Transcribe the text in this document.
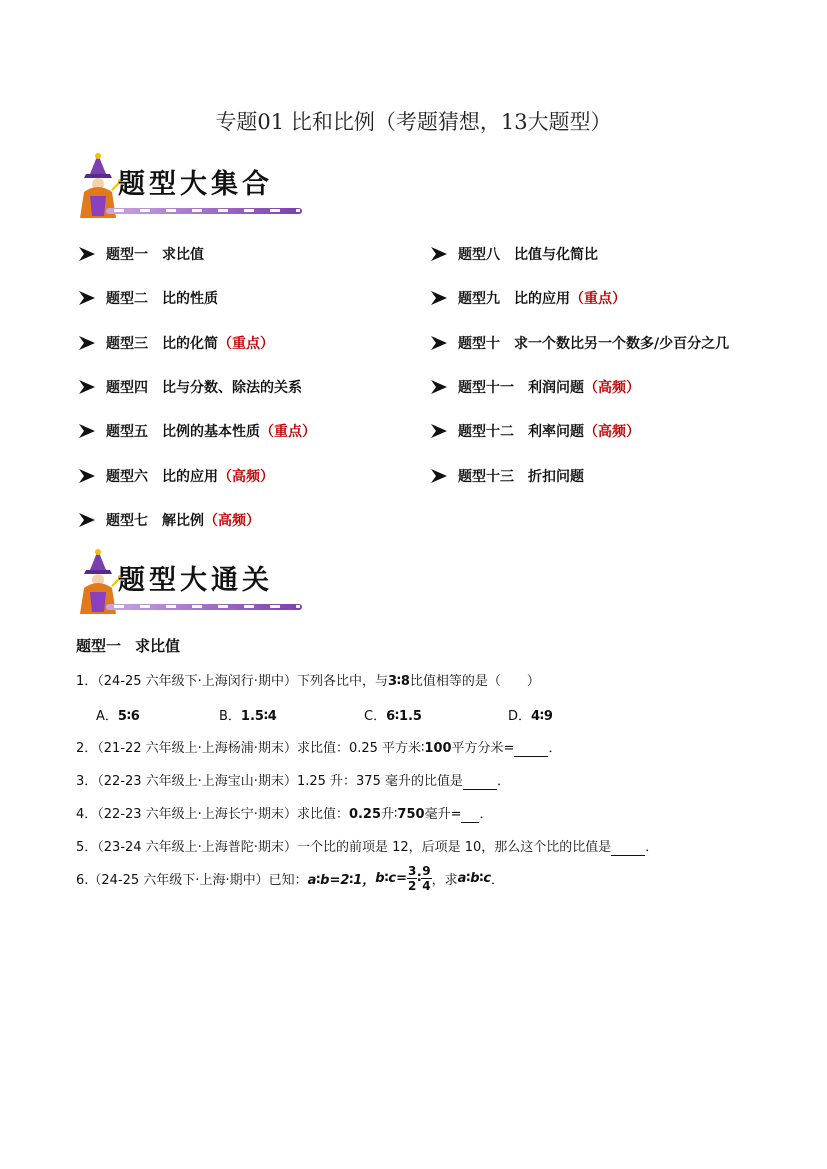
专题01 比和比例（考题猜想，13大题型）
题型大集合
题型一 求比值
题型二 比的性质
题型三 比的化简 （重点）
题型四 比与分数、除法的关系
题型五 比例的基本性质 （重点）
题型六 比的应用 （高频）
题型七 解比例 （高频）
题型八 比值与化简比
题型九 比的应用 （重点）
题型十 求一个数比另一个数多/少百分之几
题型十一 利润问题 （高频）
题型十二 利率问题 （高频）
题型十三 折扣问题
题型大通关
题型一 求比值
1．（24-25 六年级下·上海闵行·期中）下列各比中，与3∶8比值相等的是（　　）
A．5∶6	B．1.5∶4	C．6∶1.5	D．4∶9
2．（21-22 六年级上·上海杨浦·期末）求比值：0.25 平方米∶100平方分米=	．
3．（22-23 六年级上·上海宝山·期末）1.25 升：375 毫升的比值是	．
4．（22-23 六年级上·上海长宁·期末）求比值：0.25升∶750毫升= ．
5．（23-24 六年级上·上海普陀·期末）一个比的前项是 12，后项是 10，那么这个比的比值是	．
6.（24-25 六年级下·上海·期中）已知： a∶b=2∶1， b∶c= $\frac{3}{2}$ ∶ $\frac{9}{4}$ ，求 a∶b∶c ．
